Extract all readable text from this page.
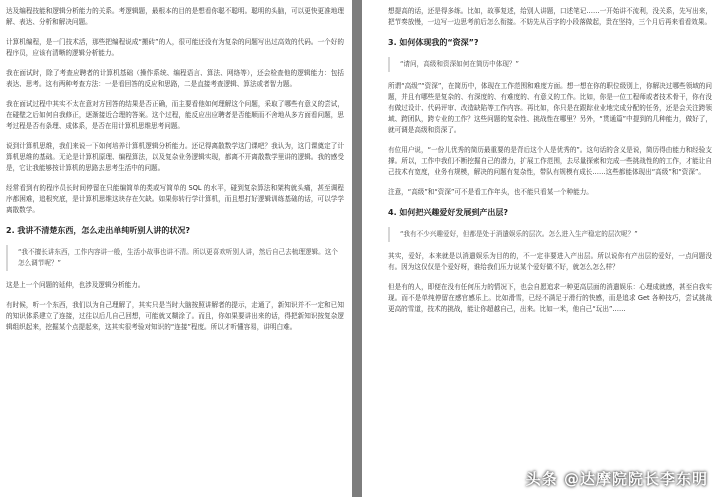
达及编程技能和逻辑分析能力的关系。考逻辑题，最根本的目的是想看你聪不聪明。聪明的头脑，可以更快更准地理解、表达、分析和解决问题。

计算机编程，是一门技术活，那些把编程说成“搬砖”的人，很可能还没有为复杂的问题写出过高效的代码。一个好的程序员，应该有清晰的逻辑分析能力。

我在面试时，除了考查应聘者的计算机基础（操作系统、编程语言、算法、网络等），还会检查他的逻辑能力：包括表达、思考。这有两种考查方法：一是看回答的反应和思路，二是直接考查逻辑、算法或者智力题。

我在面试过程中其实不太在意对方回答的结果是否正确，而主要看他如何理解这个问题，采取了哪些有意义的尝试，在碰壁之后如何自我修正，逐渐接近合理的答案。这个过程，能反应出应聘者是否能顺而不舍地从多方面看问题，思考过程是否有条理、成体系，是否在用计算机思维思考问题。

说到计算机思维，我们来说一下如何培养计算机逻辑分析能力。还记得离散数学这门课吧？我认为，这门课奠定了计算机思维的基础。无论是计算机原理、编程算法，以及复杂业务逻辑实现，都离不开离散数学里讲的逻辑。我的感受是，它让我能够按计算机的思路去思考生活中的问题。

经常看到有的程序员长时间停留在只能编简单的类或写简单的 SQL 的水平，碰到复杂算法和架构就头痛，甚至调程序都困难，追根究底，是计算机思维这块存在欠缺。如果你转行学计算机，而且想打好逻辑训练基础的话，可以学学离散数学。

2. 我讲不清楚东西，怎么走出单纯听别人讲的状况?
“我不擅长讲东西，工作内容讲一般，生活小故事也讲不清。所以更喜欢听别人讲，然后自己去梳理逻辑。这个怎么调节呢？”

这是上一个问题的延伸，也涉及逻辑分析能力。

有时候，听一个东西，我们以为自己理解了，其实只是当时大脑按照讲解者的提示，走通了，新知识并不一定和已知的知识体系建立了连接，过往以后几自己回想，可能就又糊涂了。而且，你如果要讲出来的话，得把新知识按复杂逻辑组织起来，挖掘某个点提起来，这其实很考验对知识的“连接”程度。所以才听懂容易，讲明白难。

想提高的话，还是得多练。比如，故事复述，给别人讲题，口述笔记……一开始讲不流利，没关系，先写出来，把节奏放慢，一边写一边思考前后怎么衔接。不妨先从百字的小段落做起，贵在坚持，三个月后再来看看效果。

3. 如何体现我的“资深”?
“请问，高级和资深如何在简历中体现？”

所谓“高级”“资深”，在简历中，体现在工作范围和难度方面。想一想在你的职位级别上，你解决过哪些领域的问题，并且有哪些是复杂的、有深度的、有难度的、有意义的工作。比如，你是一位工程师或者技术骨干，你有没有做过设计、代码评审、改造缺陷等工作内容。再比如，你只是在跟踪业业地完成分配的任务，还是会关注跨领域、跨团队，跨专业的工作？这些问题的复杂性、挑战性在哪里？另外，“贯通篇”中提到的几种能力，做好了，就可调是高级和资深了。

有位用户说，“一份儿优秀的简历最重要的是背后这个人是优秀的”。这句话的含义是说，简历得由能力和经验支撑。所以，工作中我们不断挖掘自己的潜力，扩展工作范围，去尽量探索和完成一些挑战性的的工作，才能让自己技术有宽度，业务有规模，解决的问题有复杂性，带队有规模有成长……这些都能体现出“高级”和“资深”。

注意，“高级”和“资深”可不是看工作年头，也不能只看某一个种能力。

4. 如何把兴趣爱好发展到产出层?
“我有不少兴趣爱好，但都是处于消遣娱乐的层次。怎么进入生产稳定的层次呢？”

其实，爱好，本来就是以消遣娱乐为目的的，不一定非要进入产出层。所以说你有产出层的爱好，一点问题没有。因为这仅仅是个爱好呀，谁给我们压力说某个爱好做不好，就怎么怎么样？

但是有的人，即便在没有任何压力的情况下，也会自愿追求一种更高层面的消遣娱乐：心理成就感，甚至自我实现。而不是单纯停留在感官感乐上。比如滑雪，已经不满足于滑行的快感，而是追求 Get 各种技巧，尝试挑战更高的雪道，技术的挑战，能让你超越自己，出来。比如一米，他自己“玩出”……

头条 @达摩院院长李东明
